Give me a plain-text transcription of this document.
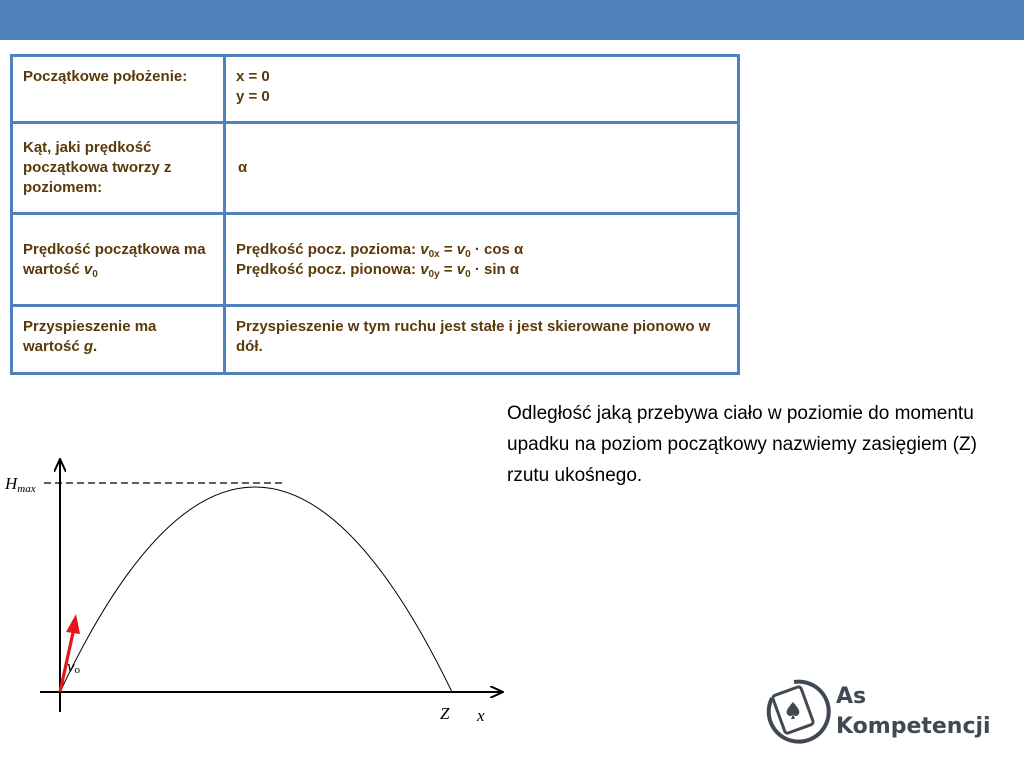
Początkowe położenie:	x = 0
y = 0

Kąt, jaki prędkość początkowa tworzy z poziomem:	α
Prędkość początkowa ma wartość $v_0$	Prędkość pocz. pozioma: $v_{0x} = v_0 \cdot \cos \alpha$
Prędkość pocz. pionowa: $v_{0y} = v_0 \cdot \sin \alpha$

Przyspieszenie ma wartość g.	Przyspieszenie w tym ruchu jest stałe i jest skierowane pionowo w dół.
Odległość jaką przebywa ciało w poziomie do momentu upadku na poziom początkowy nazwiemy zasięgiem (Z) rzutu ukośnego.
Hmax
vo
Z x
As
Kompetencji
